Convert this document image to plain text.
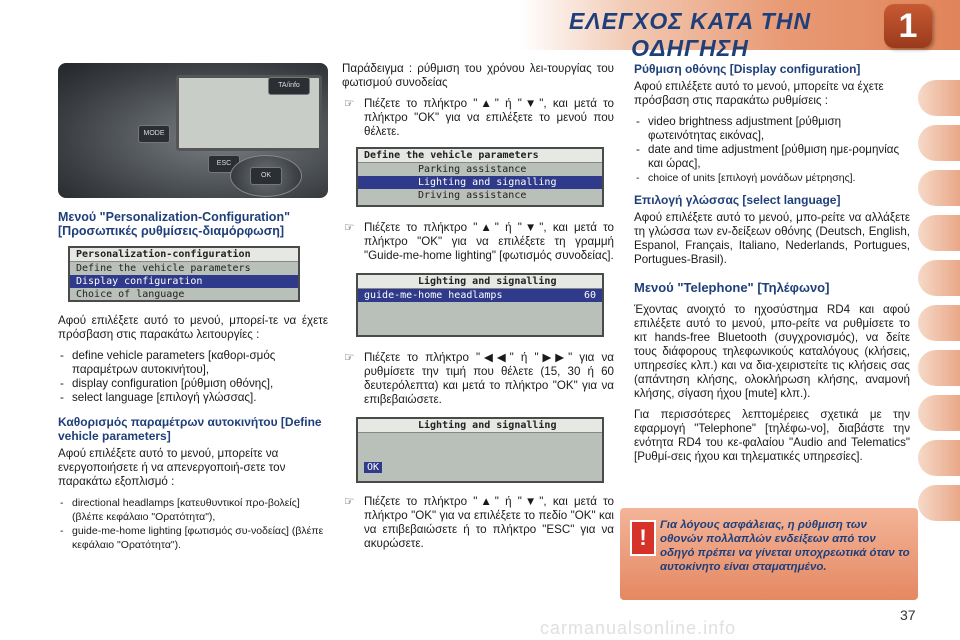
ΕΛΕΓΧΟΣ ΚΑΤΑ ΤΗΝ ΟΔΗΓΗΣΗ
1
TA/info
MODE
ESC
OK
Μενού "Personalization-Configuration" [Προσωπικές ρυθμίσεις-διαμόρφωση]
Personalization-configuration
Define the vehicle parameters
Display configuration
Choice of language

Αφού επιλέξετε αυτό το μενού, μπορεί-τε να έχετε πρόσβαση στις παρακάτω λειτουργίες :

- define vehicle parameters [καθορι-σμός παραμέτρων αυτοκινήτου],
- display configuration [ρύθμιση οθόνης],
- select language [επιλογή γλώσσας].
Καθορισμός παραμέτρων αυτοκινήτου [Define vehicle parameters]

Αφού επιλέξετε αυτό το μενού, μπορείτε να ενεργοποιήσετε ή να απενεργοποιή-σετε τον παρακάτω εξοπλισμό :

- directional headlamps [κατευθυντικοί προ-βολείς] (βλέπε κεφάλαιο "Ορατότητα"),
- guide-me-home lighting [φωτισμός συ-νοδείας] (βλέπε κεφάλαιο "Ορατότητα").

Παράδειγμα : ρύθμιση του χρόνου λει-τουργίας του φωτισμού συνοδείας

☞ Πιέζετε το πλήκτρο "▲" ή "▼", και μετά το πλήκτρο "OK" για να επιλέξετε το μενού που θέλετε.
Define the vehicle parameters
Parking assistance
Lighting and signalling
Driving assistance
☞ Πιέζετε το πλήκτρο "▲" ή "▼", και μετά το πλήκτρο "OK" για να επιλέξετε τη γραμμή "Guide-me-home lighting" [φωτισμός συνοδείας].
Lighting and signalling
guide-me-home headlamps	60
☞ Πιέζετε το πλήκτρο "◀◀" ή "▶▶" για να ρυθμίσετε την τιμή που θέλετε (15, 30 ή 60 δευτερόλεπτα) και μετά το πλήκτρο "OK" για να επιβεβαιώσετε.
Lighting and signalling
OK
☞ Πιέζετε το πλήκτρο "▲" ή "▼", και μετά το πλήκτρο "OK" για να επιλέξετε το πεδίο "OK" και να επιβεβαιώσετε ή το πλήκτρο "ESC" για να ακυρώσετε.
Ρύθμιση οθόνης [Display configuration]

Αφού επιλέξετε αυτό το μενού, μπορείτε να έχετε πρόσβαση στις παρακάτω ρυθμίσεις :

- video brightness adjustment [ρύθμιση φωτεινότητας εικόνας],
- date and time adjustment [ρύθμιση ημε-ρομηνίας και ώρας],
- choice of units [επιλογή μονάδων μέτρησης].
Επιλογή γλώσσας [select language]

Αφού επιλέξετε αυτό το μενού, μπο-ρείτε να αλλάξετε τη γλώσσα των εν-δείξεων οθόνης (Deutsch, English, Espanol, Français, Italiano, Nederlands, Portugues, Portugues-Brasil).

Μενού "Telephone" [Τηλέφωνο]

Έχοντας ανοιχτό το ηχοσύστημα RD4 και αφού επιλέξετε αυτό το μενού, μπο-ρείτε να ρυθμίσετε το κιτ hands-free Bluetooth (συγχρονισμός), να δείτε τους διάφορους τηλεφωνικούς καταλόγους (κλήσεις, υπηρεσίες κλπ.) και να δια-χειριστείτε τις κλήσεις σας (απάντηση κλήσης, ολοκλήρωση κλήσης, αναμονή κλήσης, σίγαση ήχου [mute] κλπ.).

Για περισσότερες λεπτομέρειες σχετικά με την εφαρμογή "Telephone" [τηλέφω-νο], διαβάστε την ενότητα RD4 του κε-φαλαίου "Audio and Telematics" [Ρυθμί-σεις ήχου και τηλεματικές υπηρεσίες].

!	Για λόγους ασφάλειας, η ρύθμιση των οθονών πολλαπλών ενδείξεων από τον οδηγό πρέπει να γίνεται υποχρεωτικά όταν το αυτοκίνητο είναι σταματημένο.
37
carmanualsonline.info
